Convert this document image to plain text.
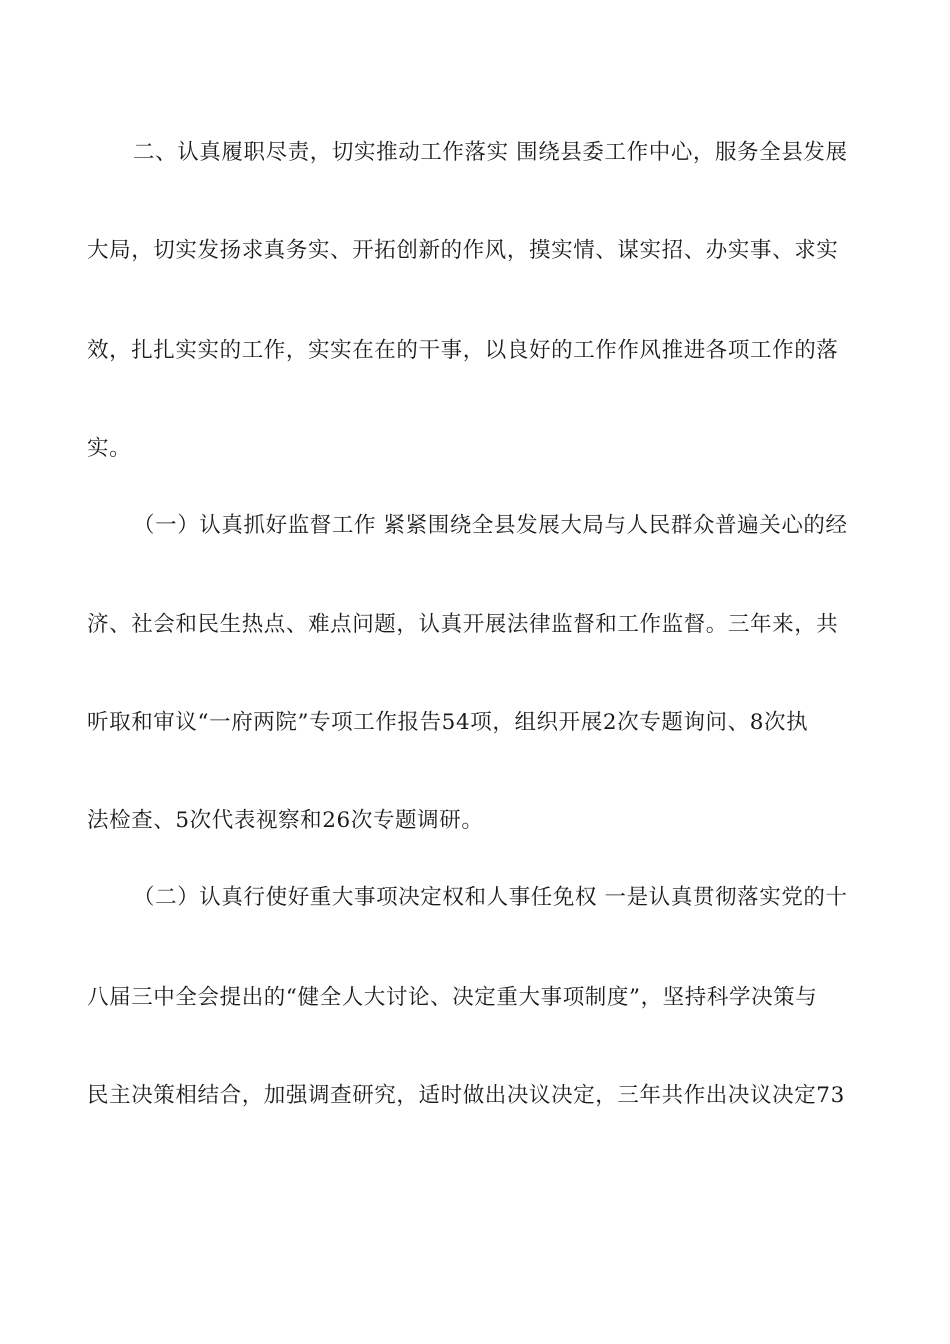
二、认真履职尽责，切实推动工作落实 围绕县委工作中心，服务全县发展
大局，切实发扬求真务实、开拓创新的作风，摸实情、谋实招、办实事、求实
效，扎扎实实的工作，实实在在的干事，以良好的工作作风推进各项工作的落
实。
（一）认真抓好监督工作 紧紧围绕全县发展大局与人民群众普遍关心的经
济、社会和民生热点、难点问题，认真开展法律监督和工作监督。三年来，共
听取和审议“一府两院”专项工作报告54项，组织开展2次专题询问、8次执
法检查、5次代表视察和26次专题调研。
（二）认真行使好重大事项决定权和人事任免权 一是认真贯彻落实党的十
八届三中全会提出的“健全人大讨论、决定重大事项制度”，坚持科学决策与
民主决策相结合，加强调查研究，适时做出决议决定，三年共作出决议决定73
